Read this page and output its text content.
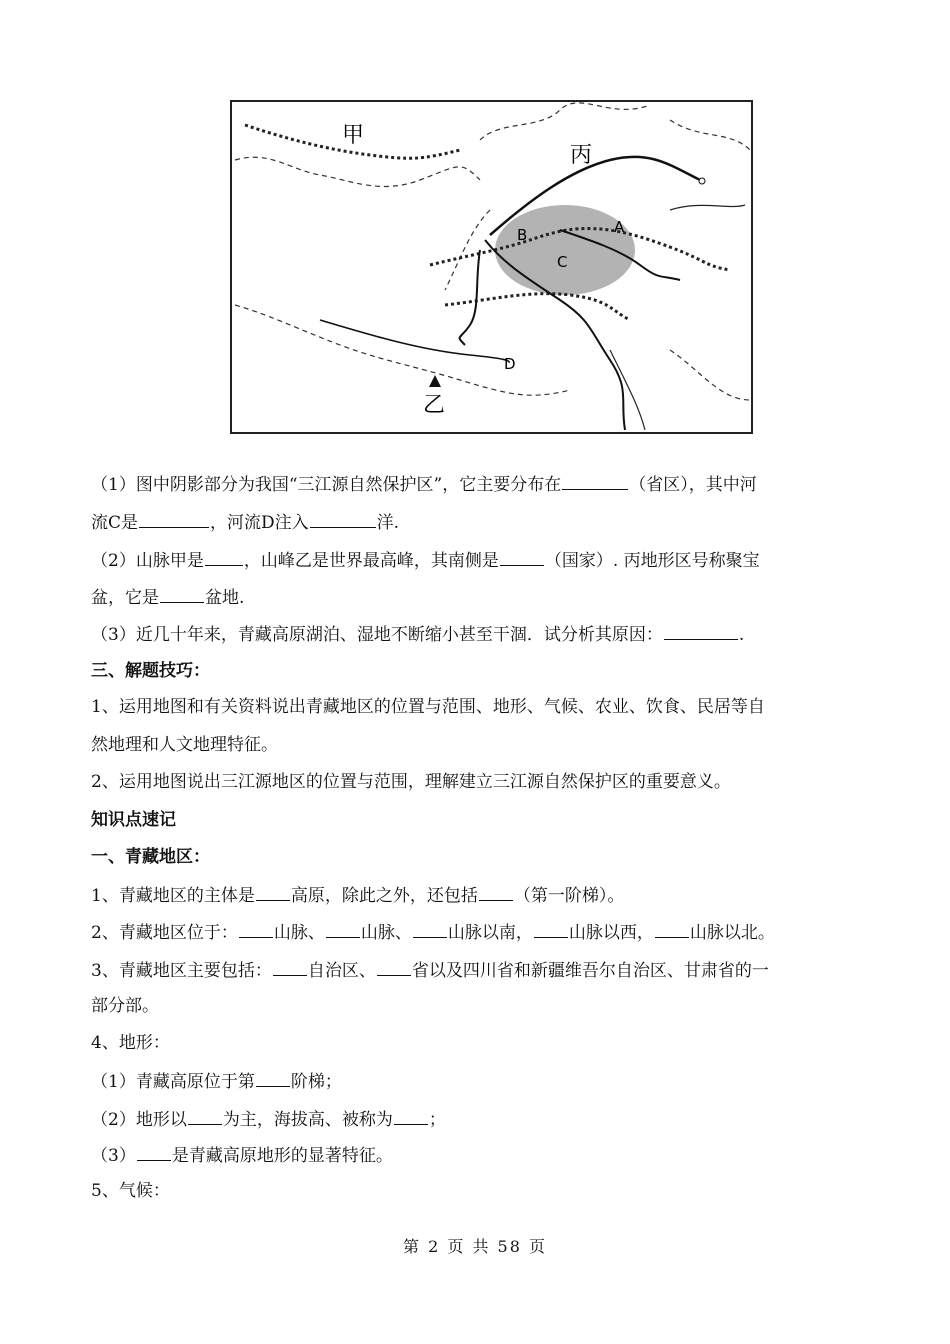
甲
丙
乙
A
B
C
D
（1）图中阴影部分为我国“三江源自然保护区”，它主要分布在	（省区），其中河
流C是	，河流D注入	洋.
（2）山脉甲是 ，山峰乙是世界最高峰，其南侧是	（国家）. 丙地形区号称聚宝
盆，它是	盆地.
（3）近几十年来，青藏高原湖泊、湿地不断缩小甚至干涸．试分析其原因：	.
三、解题技巧：
1、运用地图和有关资料说出青藏地区的位置与范围、地形、气候、农业、饮食、民居等自
然地理和人文地理特征。
2、运用地图说出三江源地区的位置与范围，理解建立三江源自然保护区的重要意义。
知识点速记
一、青藏地区：
1、青藏地区的主体是 高原，除此之外，还包括 （第一阶梯）。
2、青藏地区位于： 山脉、 山脉、 山脉以南， 山脉以西， 山脉以北。
3、青藏地区主要包括： 自治区、 省以及四川省和新疆维吾尔自治区、甘肃省的一
部分部。
4、地形：
（1）青藏高原位于第 阶梯；
（2）地形以 为主，海拔高、被称为 ；
（3） 是青藏高原地形的显著特征。
5、气候：
第 2 页 共 58 页
